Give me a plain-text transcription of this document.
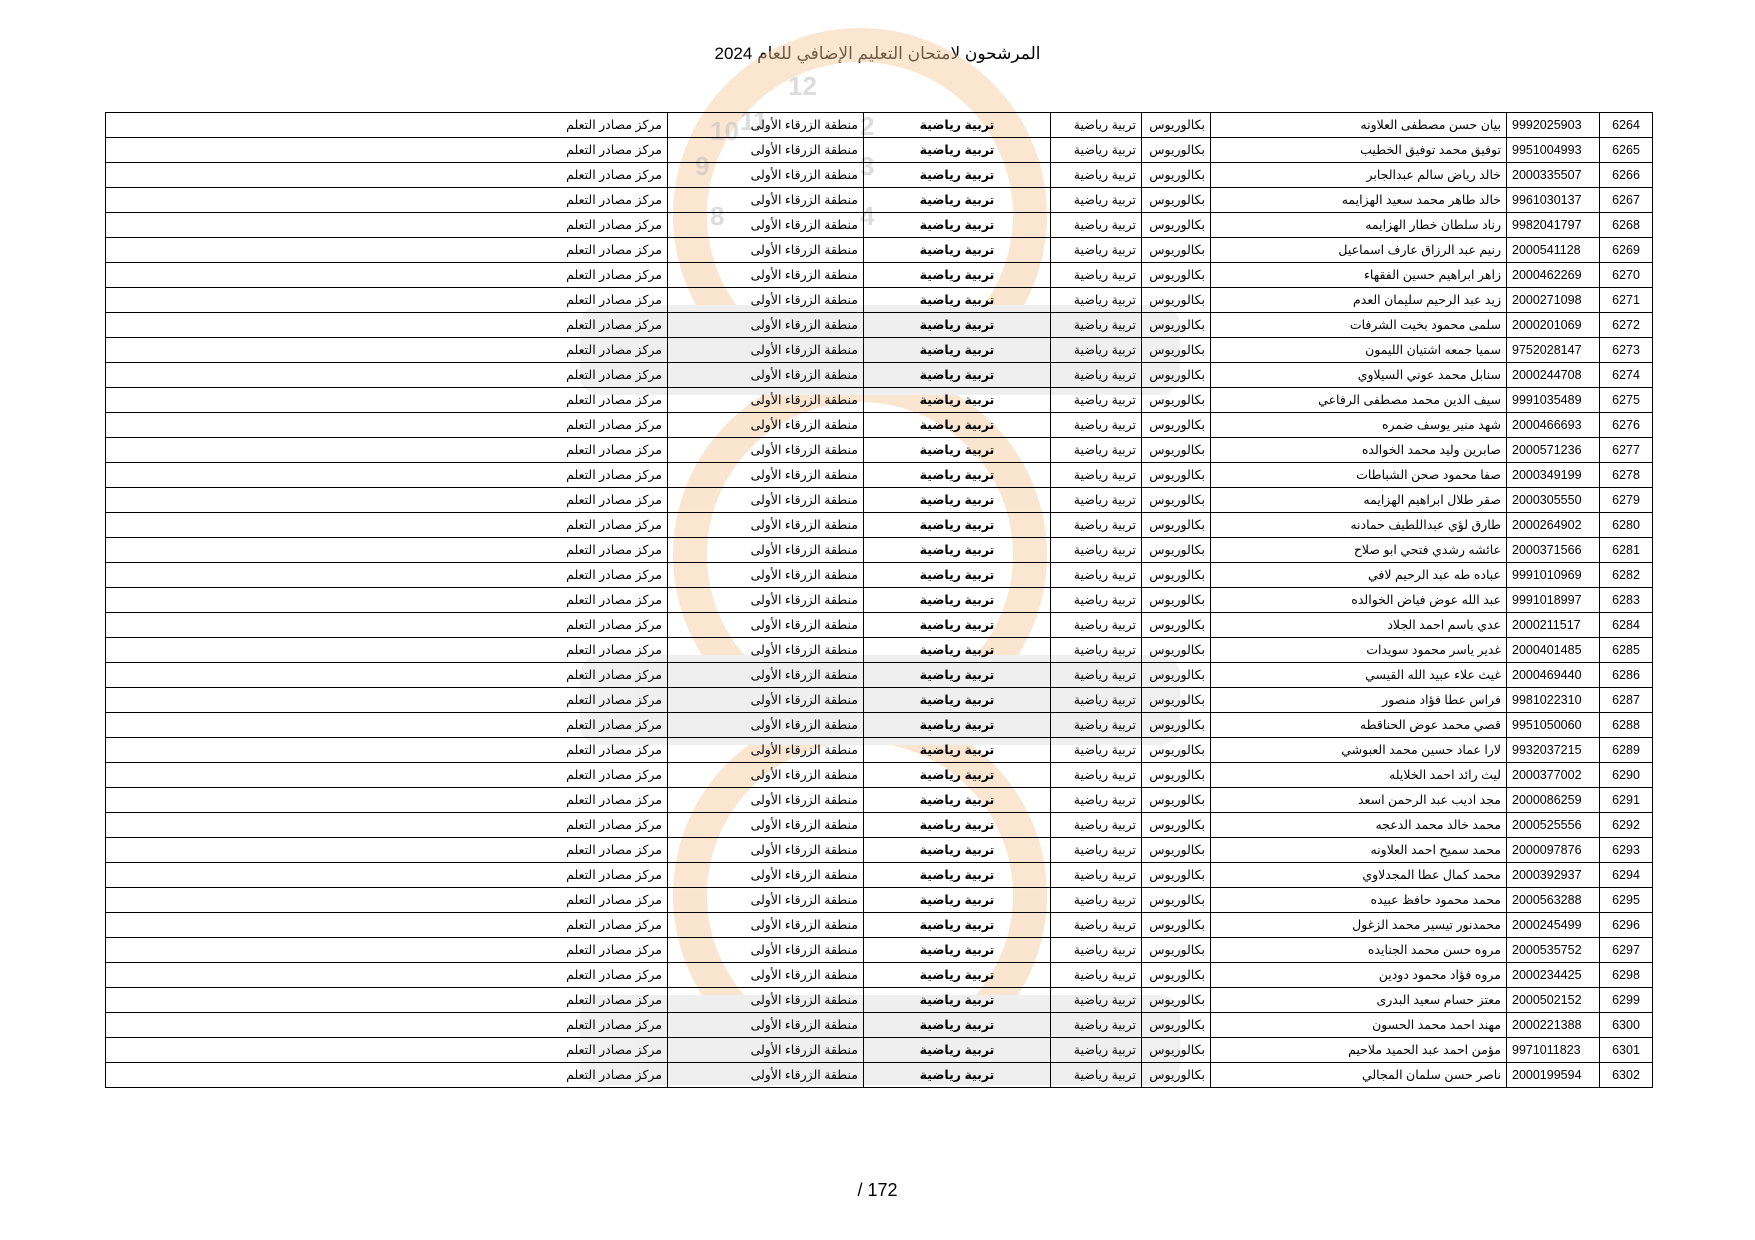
المرشحون لامتحان التعليم الإضافي للعام 2024
12
11
10
9
8
2
3
4
6264	9992025903	بيان حسن مصطفى العلاونه	بكالوريوس	تربية رياضية	تربية رياضية	منطقة الزرقاء الأولى	مركز مصادر التعلم
6265	9951004993	توفيق محمد توفيق الخطيب	بكالوريوس	تربية رياضية	تربية رياضية	منطقة الزرقاء الأولى	مركز مصادر التعلم
6266	2000335507	خالد رياض سالم عبدالجابر	بكالوريوس	تربية رياضية	تربية رياضية	منطقة الزرقاء الأولى	مركز مصادر التعلم
6267	9961030137	خالد طاهر محمد سعيد الهزايمه	بكالوريوس	تربية رياضية	تربية رياضية	منطقة الزرقاء الأولى	مركز مصادر التعلم
6268	9982041797	رناد سلطان خطار الهزايمه	بكالوريوس	تربية رياضية	تربية رياضية	منطقة الزرقاء الأولى	مركز مصادر التعلم
6269	2000541128	رنيم عبد الرزاق عارف اسماعيل	بكالوريوس	تربية رياضية	تربية رياضية	منطقة الزرقاء الأولى	مركز مصادر التعلم
6270	2000462269	زاهر ابراهيم حسين الفقهاء	بكالوريوس	تربية رياضية	تربية رياضية	منطقة الزرقاء الأولى	مركز مصادر التعلم
6271	2000271098	زيد عبد الرحيم سليمان العدم	بكالوريوس	تربية رياضية	تربية رياضية	منطقة الزرقاء الأولى	مركز مصادر التعلم
6272	2000201069	سلمى محمود بخيت الشرفات	بكالوريوس	تربية رياضية	تربية رياضية	منطقة الزرقاء الأولى	مركز مصادر التعلم
6273	9752028147	سميا جمعه اشتيان الليمون	بكالوريوس	تربية رياضية	تربية رياضية	منطقة الزرقاء الأولى	مركز مصادر التعلم
6274	2000244708	سنابل محمد عوني السيلاوي	بكالوريوس	تربية رياضية	تربية رياضية	منطقة الزرقاء الأولى	مركز مصادر التعلم
6275	9991035489	سيف الدين محمد مصطفى الرفاعي	بكالوريوس	تربية رياضية	تربية رياضية	منطقة الزرقاء الأولى	مركز مصادر التعلم
6276	2000466693	شهد منير يوسف ضمره	بكالوريوس	تربية رياضية	تربية رياضية	منطقة الزرقاء الأولى	مركز مصادر التعلم
6277	2000571236	صابرين وليد محمد الخوالده	بكالوريوس	تربية رياضية	تربية رياضية	منطقة الزرقاء الأولى	مركز مصادر التعلم
6278	2000349199	صفا محمود صحن الشباطات	بكالوريوس	تربية رياضية	تربية رياضية	منطقة الزرقاء الأولى	مركز مصادر التعلم
6279	2000305550	صقر طلال ابراهيم الهزايمه	بكالوريوس	تربية رياضية	تربية رياضية	منطقة الزرقاء الأولى	مركز مصادر التعلم
6280	2000264902	طارق لؤي عبداللطيف حمادنه	بكالوريوس	تربية رياضية	تربية رياضية	منطقة الزرقاء الأولى	مركز مصادر التعلم
6281	2000371566	عائشه رشدي فتحي ابو صلاح	بكالوريوس	تربية رياضية	تربية رياضية	منطقة الزرقاء الأولى	مركز مصادر التعلم
6282	9991010969	عباده طه عبد الرحيم لافي	بكالوريوس	تربية رياضية	تربية رياضية	منطقة الزرقاء الأولى	مركز مصادر التعلم
6283	9991018997	عبد الله عوض فياض الخوالده	بكالوريوس	تربية رياضية	تربية رياضية	منطقة الزرقاء الأولى	مركز مصادر التعلم
6284	2000211517	عدي باسم احمد الجلاد	بكالوريوس	تربية رياضية	تربية رياضية	منطقة الزرقاء الأولى	مركز مصادر التعلم
6285	2000401485	غدير ياسر محمود سويدات	بكالوريوس	تربية رياضية	تربية رياضية	منطقة الزرقاء الأولى	مركز مصادر التعلم
6286	2000469440	غيث علاء عبيد الله القيسي	بكالوريوس	تربية رياضية	تربية رياضية	منطقة الزرقاء الأولى	مركز مصادر التعلم
6287	9981022310	فراس عطا فؤاد منصور	بكالوريوس	تربية رياضية	تربية رياضية	منطقة الزرقاء الأولى	مركز مصادر التعلم
6288	9951050060	قصي محمد عوض الحناقطه	بكالوريوس	تربية رياضية	تربية رياضية	منطقة الزرقاء الأولى	مركز مصادر التعلم
6289	9932037215	لارا عماد حسين محمد العبوشي	بكالوريوس	تربية رياضية	تربية رياضية	منطقة الزرقاء الأولى	مركز مصادر التعلم
6290	2000377002	ليث رائد احمد الخلايله	بكالوريوس	تربية رياضية	تربية رياضية	منطقة الزرقاء الأولى	مركز مصادر التعلم
6291	2000086259	مجد اديب عبد الرحمن اسعد	بكالوريوس	تربية رياضية	تربية رياضية	منطقة الزرقاء الأولى	مركز مصادر التعلم
6292	2000525556	محمد خالد محمد الدعجه	بكالوريوس	تربية رياضية	تربية رياضية	منطقة الزرقاء الأولى	مركز مصادر التعلم
6293	2000097876	محمد سميح احمد العلاونه	بكالوريوس	تربية رياضية	تربية رياضية	منطقة الزرقاء الأولى	مركز مصادر التعلم
6294	2000392937	محمد كمال عطا المجدلاوي	بكالوريوس	تربية رياضية	تربية رياضية	منطقة الزرقاء الأولى	مركز مصادر التعلم
6295	2000563288	محمد محمود حافظ عبيده	بكالوريوس	تربية رياضية	تربية رياضية	منطقة الزرقاء الأولى	مركز مصادر التعلم
6296	2000245499	محمدنور تيسير محمد الزغول	بكالوريوس	تربية رياضية	تربية رياضية	منطقة الزرقاء الأولى	مركز مصادر التعلم
6297	2000535752	مروه حسن محمد الجنايده	بكالوريوس	تربية رياضية	تربية رياضية	منطقة الزرقاء الأولى	مركز مصادر التعلم
6298	2000234425	مروه فؤاد محمود دودين	بكالوريوس	تربية رياضية	تربية رياضية	منطقة الزرقاء الأولى	مركز مصادر التعلم
6299	2000502152	معتز حسام سعيد البدرى	بكالوريوس	تربية رياضية	تربية رياضية	منطقة الزرقاء الأولى	مركز مصادر التعلم
6300	2000221388	مهند احمد محمد الحسون	بكالوريوس	تربية رياضية	تربية رياضية	منطقة الزرقاء الأولى	مركز مصادر التعلم
6301	9971011823	مؤمن احمد عبد الحميد ملاحيم	بكالوريوس	تربية رياضية	تربية رياضية	منطقة الزرقاء الأولى	مركز مصادر التعلم
6302	2000199594	ناصر حسن سلمان المجالي	بكالوريوس	تربية رياضية	تربية رياضية	منطقة الزرقاء الأولى	مركز مصادر التعلم
/ 172
